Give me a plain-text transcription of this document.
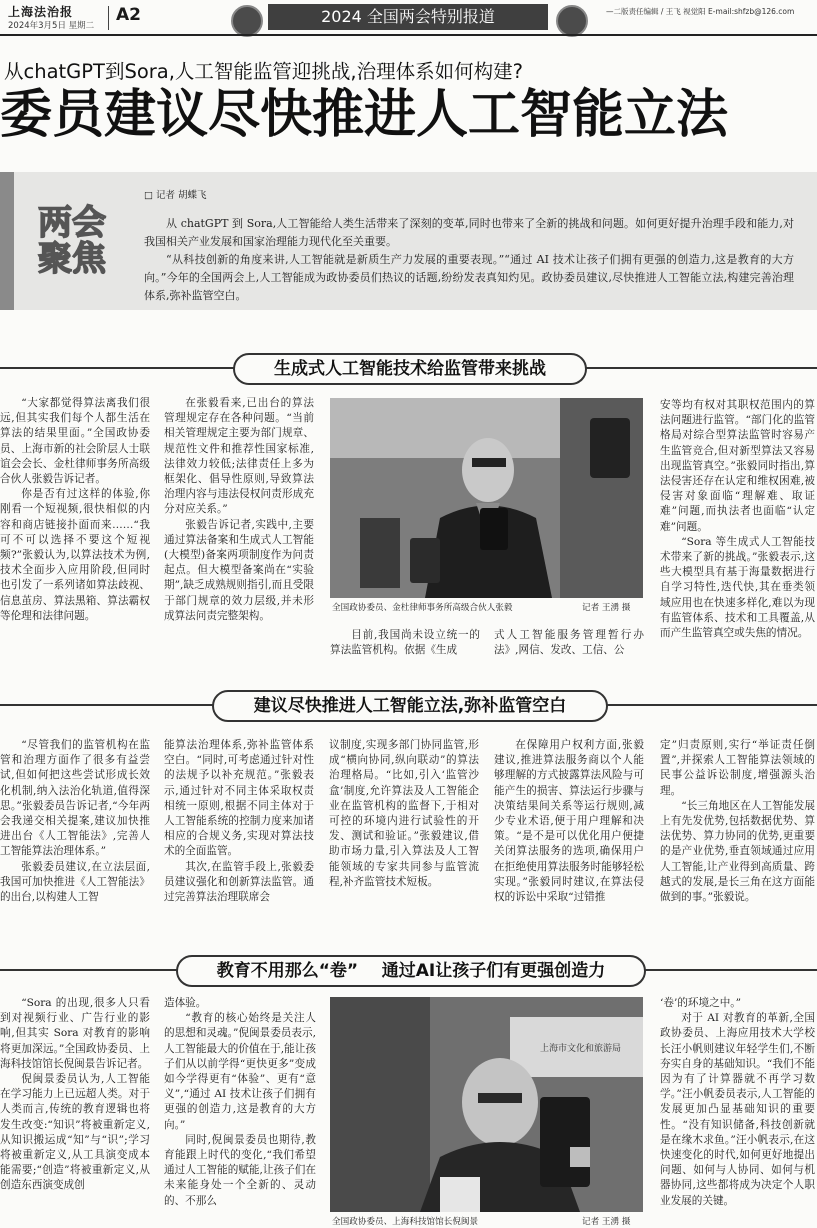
上海法治报
2024年3月5日 星期二
A2	2024 全国两会特别报道	—二版责任编辑 / 王飞 视觉阳 E-mail:shfzb@126.com
从chatGPT到Sora,人工智能监管迎挑战,治理体系如何构建?
委员建议尽快推进人工智能立法
两会
聚焦
□ 记者 胡蝶飞

从 chatGPT 到 Sora,人工智能给人类生活带来了深刻的变革,同时也带来了全新的挑战和问题。如何更好提升治理手段和能力,对我国相关产业发展和国家治理能力现代化至关重要。

“从科技创新的角度来讲,人工智能就是新质生产力发展的重要表现。”“通过 AI 技术让孩子们拥有更强的创造力,这是教育的大方向。”今年的全国两会上,人工智能成为政协委员们热议的话题,纷纷发表真知灼见。政协委员建议,尽快推进人工智能立法,构建完善治理体系,弥补监管空白。

生成式人工智能技术给监管带来挑战

“大家都觉得算法离我们很远,但其实我们每个人都生活在算法的结果里面。”全国政协委员、上海市新的社会阶层人士联谊会会长、金杜律师事务所高级合伙人张毅告诉记者。

你是否有过这样的体验,你刚看一个短视频,很快相似的内容和商店链接扑面而来……“我可不可以选择不要这个短视频?”张毅认为,以算法技术为例,技术全面步入应用阶段,但同时也引发了一系列诸如算法歧视、信息茧房、算法黑箱、算法霸权等伦理和法律问题。

在张毅看来,已出台的算法管理规定存在各种问题。“当前相关管理规定主要为部门规章、规范性文件和推荐性国家标准,法律效力较低;法律责任上多为框架化、倡导性原则,导致算法治理内容与违法侵权问责形成充分对应关系。”

张毅告诉记者,实践中,主要通过算法备案和生成式人工智能(大模型)备案两项制度作为问责起点。但大模型备案尚在“实验期”,缺乏成熟规则指引,而且受限于部门规章的效力层级,并未形成算法问责完整架构。

全国政协委员、金杜律师事务所高级合伙人张毅	记者 王湧 摄

目前,我国尚未设立统一的算法监管机构。依据《生成

式人工智能服务管理暂行办法》,网信、发改、工信、公

安等均有权对其职权范围内的算法问题进行监管。“部门化的监管格局对综合型算法监管时容易产生监管竞合,但对新型算法又容易出现监管真空。”张毅同时指出,算法侵害还存在认定和维权困难,被侵害对象面临“理解难、取证难”问题,而执法者也面临“认定难”问题。

“Sora 等生成式人工智能技术带来了新的挑战。”张毅表示,这些大模型具有基于海量数据进行自学习特性,迭代快,其在垂类领域应用也在快速多样化,难以为现有监管体系、技术和工具覆盖,从而产生监管真空或失焦的情况。

建议尽快推进人工智能立法,弥补监管空白

“尽管我们的监管机构在监管和治理方面作了很多有益尝试,但如何把这些尝试形成长效化机制,纳入法治化轨道,值得深思。”张毅委员告诉记者,“今年两会我递交相关提案,建议加快推进出台《人工智能法》,完善人工智能算法治理体系。”

张毅委员建议,在立法层面,我国可加快推进《人工智能法》的出台,以构建人工智

能算法治理体系,弥补监管体系空白。“同时,可考虑通过针对性的法规予以补充规范。”张毅表示,通过针对不同主体采取权责相统一原则,根据不同主体对于人工智能系统的控制力度来加诸相应的合规义务,实现对算法技术的全面监管。

其次,在监管手段上,张毅委员建议强化和创新算法监管。通过完善算法治理联席会

议制度,实现多部门协同监管,形成“横向协同,纵向联动”的算法治理格局。“比如,引入‘监管沙盒’制度,允许算法及人工智能企业在监管机构的监督下,于相对可控的环境内进行试验性的开发、测试和验证。”张毅建议,借助市场力量,引入算法及人工智能领域的专家共同参与监管流程,补齐监管技术短板。

在保障用户权利方面,张毅建议,推进算法服务商以个人能够理解的方式披露算法风险与可能产生的损害、算法运行步骤与决策结果间关系等运行规则,减少专业术语,便于用户理解和决策。“是不是可以优化用户便捷关闭算法服务的选项,确保用户在拒绝使用算法服务时能够轻松实现。”张毅同时建议,在算法侵权的诉讼中采取“过错推

定”归责原则,实行“举证责任倒置”,并探索人工智能算法领域的民事公益诉讼制度,增强源头治理。

“长三角地区在人工智能发展上有先发优势,包括数据优势、算法优势、算力协同的优势,更重要的是产业优势,垂直领域通过应用人工智能,让产业得到高质量、跨越式的发展,是长三角在这方面能做到的事。”张毅说。

教育不用那么“卷”    通过AI让孩子们有更强创造力

“Sora 的出现,很多人只看到对视频行业、广告行业的影响,但其实 Sora 对教育的影响将更加深远。”全国政协委员、上海科技馆馆长倪闽景告诉记者。

倪闽景委员认为,人工智能在学习能力上已远超人类。对于人类而言,传统的教育逻辑也将发生改变:“知识”将被重新定义,从知识搬运成“知”与“识”;学习将被重新定义,从工具演变成本能需要;“创造”将被重新定义,从创造东西演变成创

造体验。

“教育的核心始终是关注人的思想和灵魂。”倪闽景委员表示,人工智能最大的价值在于,能让孩子们从以前学得“更快更多”变成如今学得更有“体验”、更有“意义”,“通过 AI 技术让孩子们拥有更强的创造力,这是教育的大方向。”

同时,倪闽景委员也期待,教育能跟上时代的变化,“我们希望通过人工智能的赋能,让孩子们在未来能身处一个全新的、灵动的、不那么

上海市文化和旅游局
全国政协委员、上海科技馆馆长倪闽景	记者 王湧 摄

‘卷’的环境之中。”

对于 AI 对教育的革新,全国政协委员、上海应用技术大学校长汪小帆则建议年轻学生们,不断夯实自身的基础知识。“我们不能因为有了计算器就不再学习数学。”汪小帆委员表示,人工智能的发展更加凸显基础知识的重要性。“没有知识储备,科技创新就是在缘木求鱼。”汪小帆表示,在这快速变化的时代,如何更好地提出问题、如何与人协同、如何与机器协同,这些都将成为决定个人职业发展的关键。
